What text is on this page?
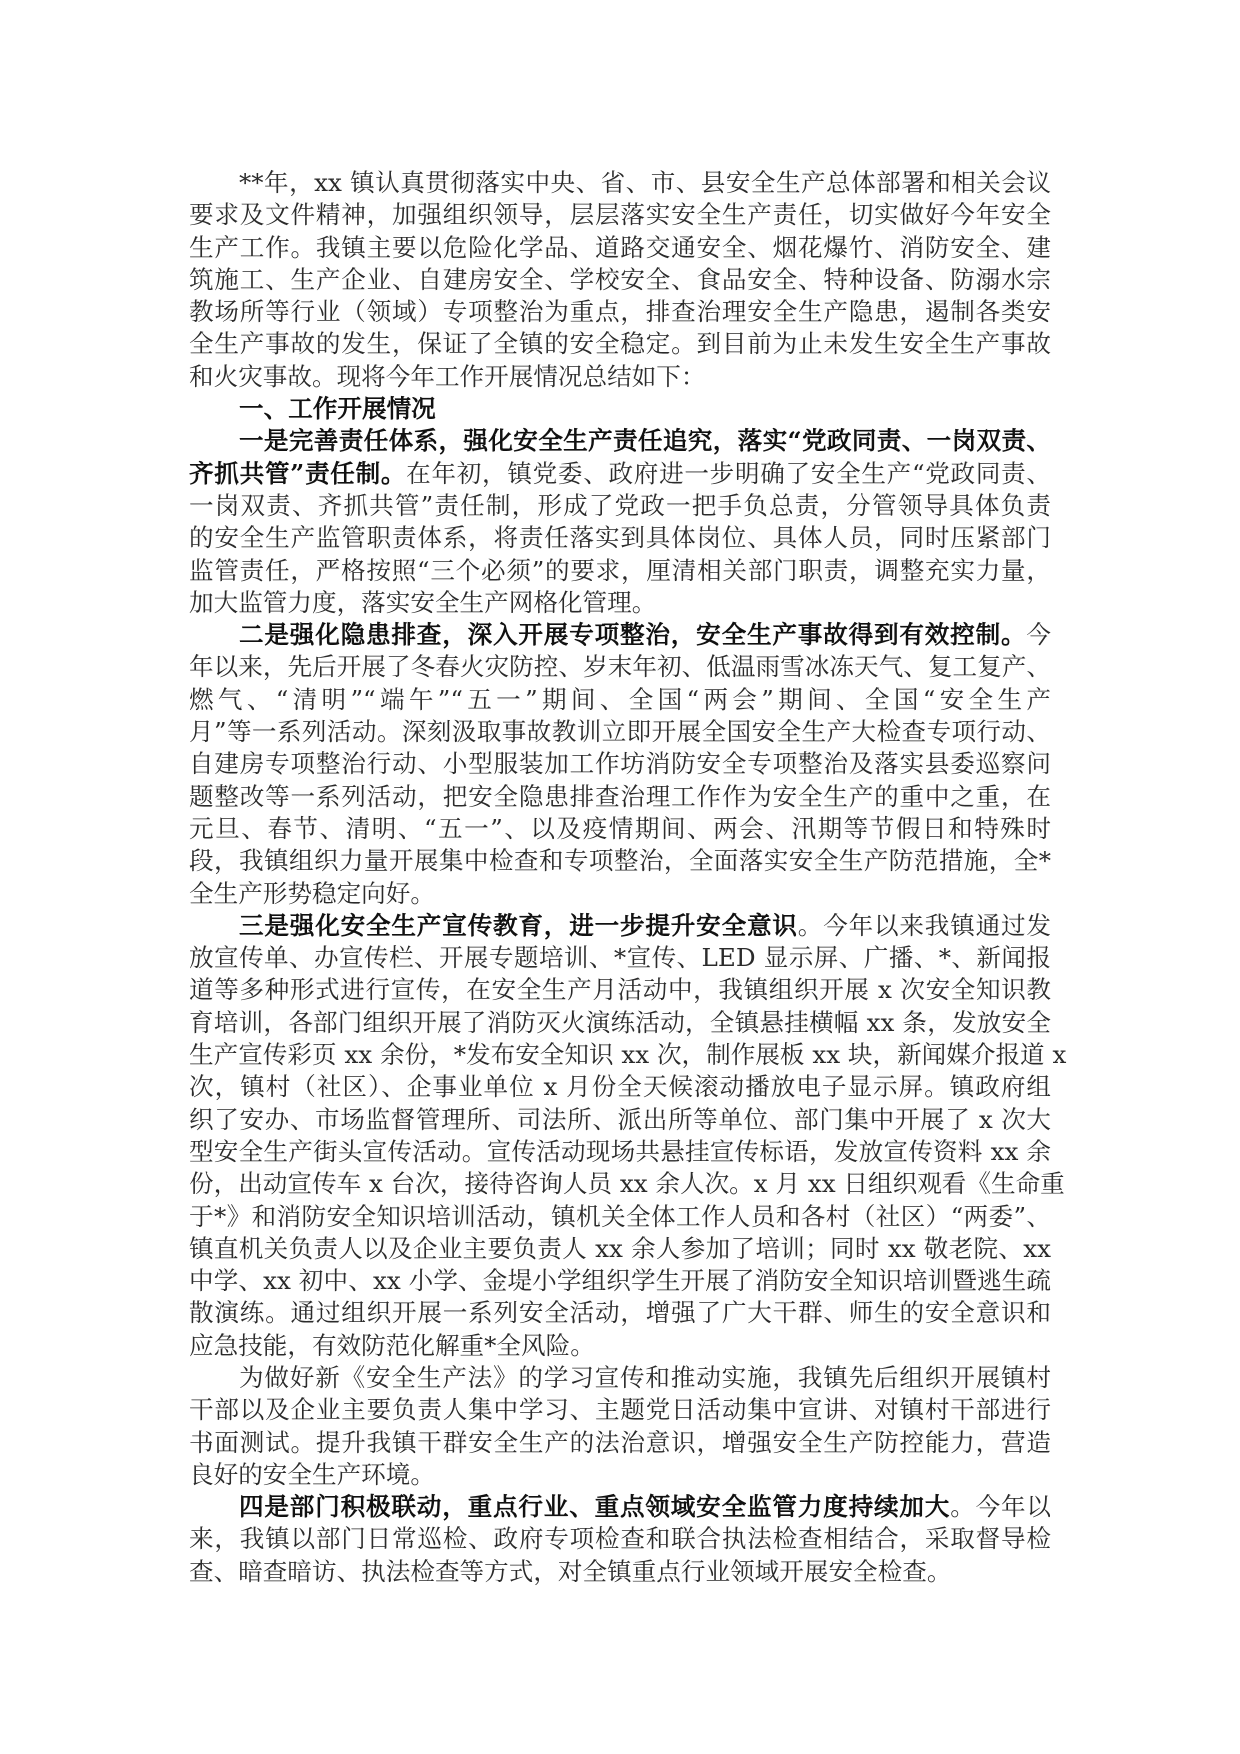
**年，xx 镇认真贯彻落实中央、省、市、县安全生产总体部署和相关会议
要求及文件精神，加强组织领导，层层落实安全生产责任，切实做好今年安全
生产工作。我镇主要以危险化学品、道路交通安全、烟花爆竹、消防安全、建
筑施工、生产企业、自建房安全、学校安全、食品安全、特种设备、防溺水宗
教场所等行业（领域）专项整治为重点，排查治理安全生产隐患，遏制各类安
全生产事故的发生，保证了全镇的安全稳定。到目前为止未发生安全生产事故
和火灾事故。现将今年工作开展情况总结如下：
一、工作开展情况
一是完善责任体系，强化安全生产责任追究，落实“党政同责、一岗双责、
齐抓共管”责任制。在年初，镇党委、政府进一步明确了安全生产“党政同责、
一岗双责、齐抓共管”责任制，形成了党政一把手负总责，分管领导具体负责
的安全生产监管职责体系，将责任落实到具体岗位、具体人员，同时压紧部门
监管责任，严格按照“三个必须”的要求，厘清相关部门职责，调整充实力量，
加大监管力度，落实安全生产网格化管理。
二是强化隐患排查，深入开展专项整治，安全生产事故得到有效控制。今
年以来，先后开展了冬春火灾防控、岁末年初、低温雨雪冰冻天气、复工复产、
燃气、“清明”“端午”“五一”期间、全国“两会”期间、全国“安全生产
月”等一系列活动。深刻汲取事故教训立即开展全国安全生产大检查专项行动、
自建房专项整治行动、小型服装加工作坊消防安全专项整治及落实县委巡察问
题整改等一系列活动，把安全隐患排查治理工作作为安全生产的重中之重，在
元旦、春节、清明、“五一”、以及疫情期间、两会、汛期等节假日和特殊时
段，我镇组织力量开展集中检查和专项整治，全面落实安全生产防范措施，全*
全生产形势稳定向好。
三是强化安全生产宣传教育，进一步提升安全意识。今年以来我镇通过发
放宣传单、办宣传栏、开展专题培训、*宣传、LED 显示屏、广播、*、新闻报
道等多种形式进行宣传，在安全生产月活动中，我镇组织开展 x 次安全知识教
育培训，各部门组织开展了消防灭火演练活动，全镇悬挂横幅 xx 条，发放安全
生产宣传彩页 xx 余份，*发布安全知识 xx 次，制作展板 xx 块，新闻媒介报道 x
次，镇村（社区）、企事业单位 x 月份全天候滚动播放电子显示屏。镇政府组
织了安办、市场监督管理所、司法所、派出所等单位、部门集中开展了 x 次大
型安全生产街头宣传活动。宣传活动现场共悬挂宣传标语，发放宣传资料 xx 余
份，出动宣传车 x 台次，接待咨询人员 xx 余人次。x 月 xx 日组织观看《生命重
于*》和消防安全知识培训活动，镇机关全体工作人员和各村（社区）“两委”、
镇直机关负责人以及企业主要负责人 xx 余人参加了培训；同时 xx 敬老院、xx
中学、xx 初中、xx 小学、金堤小学组织学生开展了消防安全知识培训暨逃生疏
散演练。通过组织开展一系列安全活动，增强了广大干群、师生的安全意识和
应急技能，有效防范化解重*全风险。
为做好新《安全生产法》的学习宣传和推动实施，我镇先后组织开展镇村
干部以及企业主要负责人集中学习、主题党日活动集中宣讲、对镇村干部进行
书面测试。提升我镇干群安全生产的法治意识，增强安全生产防控能力，营造
良好的安全生产环境。
四是部门积极联动，重点行业、重点领域安全监管力度持续加大。今年以
来，我镇以部门日常巡检、政府专项检查和联合执法检查相结合，采取督导检
查、暗查暗访、执法检查等方式，对全镇重点行业领域开展安全检查。
